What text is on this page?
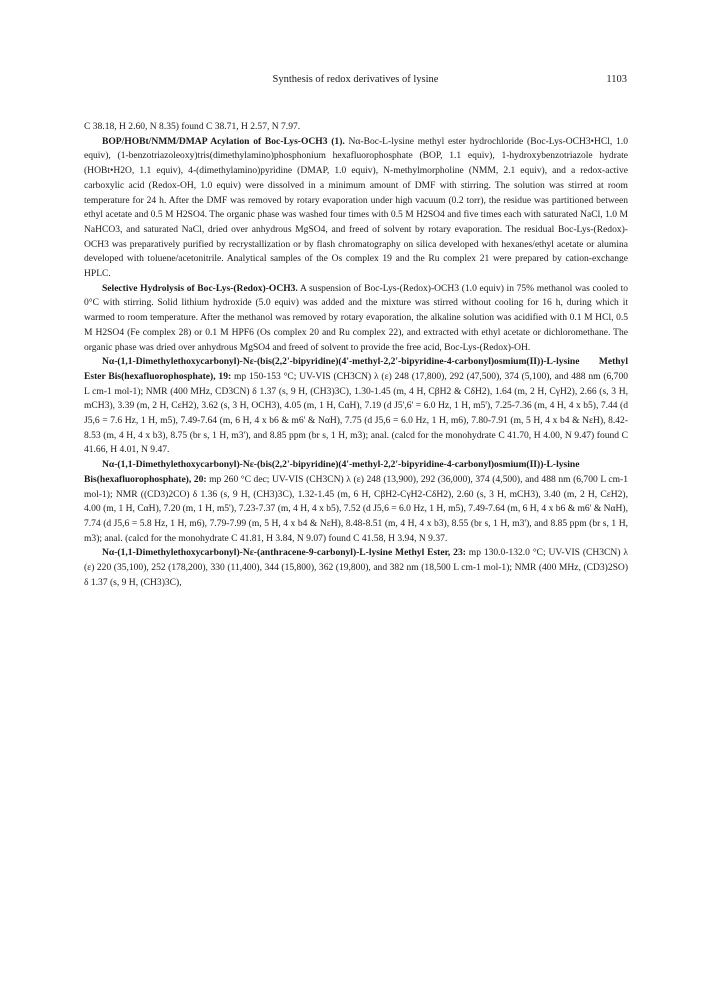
Synthesis of redox derivatives of lysine	1103

C 38.18, H 2.60, N 8.35) found C 38.71, H 2.57, N 7.97.

BOP/HOBt/NMM/DMAP Acylation of Boc-Lys-OCH3 (1). Nα-Boc-L-lysine methyl ester hydrochloride (Boc-Lys-OCH3•HCl, 1.0 equiv), (1-benzotriazoleoxy)tris(dimethylamino)phosphonium hexafluorophosphate (BOP, 1.1 equiv), 1-hydroxybenzotriazole hydrate (HOBt•H2O, 1.1 equiv), 4-(dimethylamino)pyridine (DMAP, 1.0 equiv), N-methylmorpholine (NMM, 2.1 equiv), and a redox-active carboxylic acid (Redox-OH, 1.0 equiv) were dissolved in a minimum amount of DMF with stirring. The solution was stirred at room temperature for 24 h. After the DMF was removed by rotary evaporation under high vacuum (0.2 torr), the residue was partitioned between ethyl acetate and 0.5 M H2SO4. The organic phase was washed four times with 0.5 M H2SO4 and five times each with saturated NaCl, 1.0 M NaHCO3, and saturated NaCl, dried over anhydrous MgSO4, and freed of solvent by rotary evaporation. The residual Boc-Lys-(Redox)-OCH3 was preparatively purified by recrystallization or by flash chromatography on silica developed with hexanes/ethyl acetate or alumina developed with toluene/acetonitrile. Analytical samples of the Os complex 19 and the Ru complex 21 were prepared by cation-exchange HPLC.

Selective Hydrolysis of Boc-Lys-(Redox)-OCH3. A suspension of Boc-Lys-(Redox)-OCH3 (1.0 equiv) in 75% methanol was cooled to 0°C with stirring. Solid lithium hydroxide (5.0 equiv) was added and the mixture was stirred without cooling for 16 h, during which it warmed to room temperature. After the methanol was removed by rotary evaporation, the alkaline solution was acidified with 0.1 M HCl, 0.5 M H2SO4 (Fe complex 28) or 0.1 M HPF6 (Os complex 20 and Ru complex 22), and extracted with ethyl acetate or dichloromethane. The organic phase was dried over anhydrous MgSO4 and freed of solvent to provide the free acid, Boc-Lys-(Redox)-OH.

Nα-(1,1-Dimethylethoxycarbonyl)-Nε-(bis(2,2'-bipyridine)(4'-methyl-2,2'-bipyridine-4-carbonyl)osmium(II))-L-lysine Methyl Ester Bis(hexafluorophosphate), 19: mp 150-153 °C; UV-VIS (CH3CN) λ (ε) 248 (17,800), 292 (47,500), 374 (5,100), and 488 nm (6,700 L cm-1 mol-1); NMR (400 MHz, CD3CN) δ 1.37 (s, 9 H, (CH3)3C), 1.30-1.45 (m, 4 H, CβH2 & CδH2), 1.64 (m, 2 H, CγH2), 2.66 (s, 3 H, mCH3), 3.39 (m, 2 H, CεH2), 3.62 (s, 3 H, OCH3), 4.05 (m, 1 H, CαH), 7.19 (d J5',6' = 6.0 Hz, 1 H, m5'), 7.25-7.36 (m, 4 H, 4 x b5), 7.44 (d J5,6 = 7.6 Hz, 1 H, m5), 7.49-7.64 (m, 6 H, 4 x b6 & m6' & NαH), 7.75 (d J5,6 = 6.0 Hz, 1 H, m6), 7.80-7.91 (m, 5 H, 4 x b4 & NεH), 8.42-8.53 (m, 4 H, 4 x b3), 8.75 (br s, 1 H, m3'), and 8.85 ppm (br s, 1 H, m3); anal. (calcd for the monohydrate C 41.70, H 4.00, N 9.47) found C 41.66, H 4.01, N 9.47.

Nα-(1,1-Dimethylethoxycarbonyl)-Nε-(bis(2,2'-bipyridine)(4'-methyl-2,2'-bipyridine-4-carbonyl)osmium(II))-L-lysine Bis(hexafluorophosphate), 20: mp 260 °C dec; UV-VIS (CH3CN) λ (ε) 248 (13,900), 292 (36,000), 374 (4,500), and 488 nm (6,700 L cm-1 mol-1); NMR ((CD3)2CO) δ 1.36 (s, 9 H, (CH3)3C), 1.32-1.45 (m, 6 H, CβH2-CγH2-CδH2), 2.60 (s, 3 H, mCH3), 3.40 (m, 2 H, CεH2), 4.00 (m, 1 H, CαH), 7.20 (m, 1 H, m5'), 7.23-7.37 (m, 4 H, 4 x b5), 7.52 (d J5,6 = 6.0 Hz, 1 H, m5), 7.49-7.64 (m, 6 H, 4 x b6 & m6' & NαH), 7.74 (d J5,6 = 5.8 Hz, 1 H, m6), 7.79-7.99 (m, 5 H, 4 x b4 & NεH), 8.48-8.51 (m, 4 H, 4 x b3), 8.55 (br s, 1 H, m3'), and 8.85 ppm (br s, 1 H, m3); anal. (calcd for the monohydrate C 41.81, H 3.84, N 9.07) found C 41.58, H 3.94, N 9.37.

Nα-(1,1-Dimethylethoxycarbonyl)-Nε-(anthracene-9-carbonyl)-L-lysine Methyl Ester, 23: mp 130.0-132.0 °C; UV-VIS (CH3CN) λ (ε) 220 (35,100), 252 (178,200), 330 (11,400), 344 (15,800), 362 (19,800), and 382 nm (18,500 L cm-1 mol-1); NMR (400 MHz, (CD3)2SO) δ 1.37 (s, 9 H, (CH3)3C),
